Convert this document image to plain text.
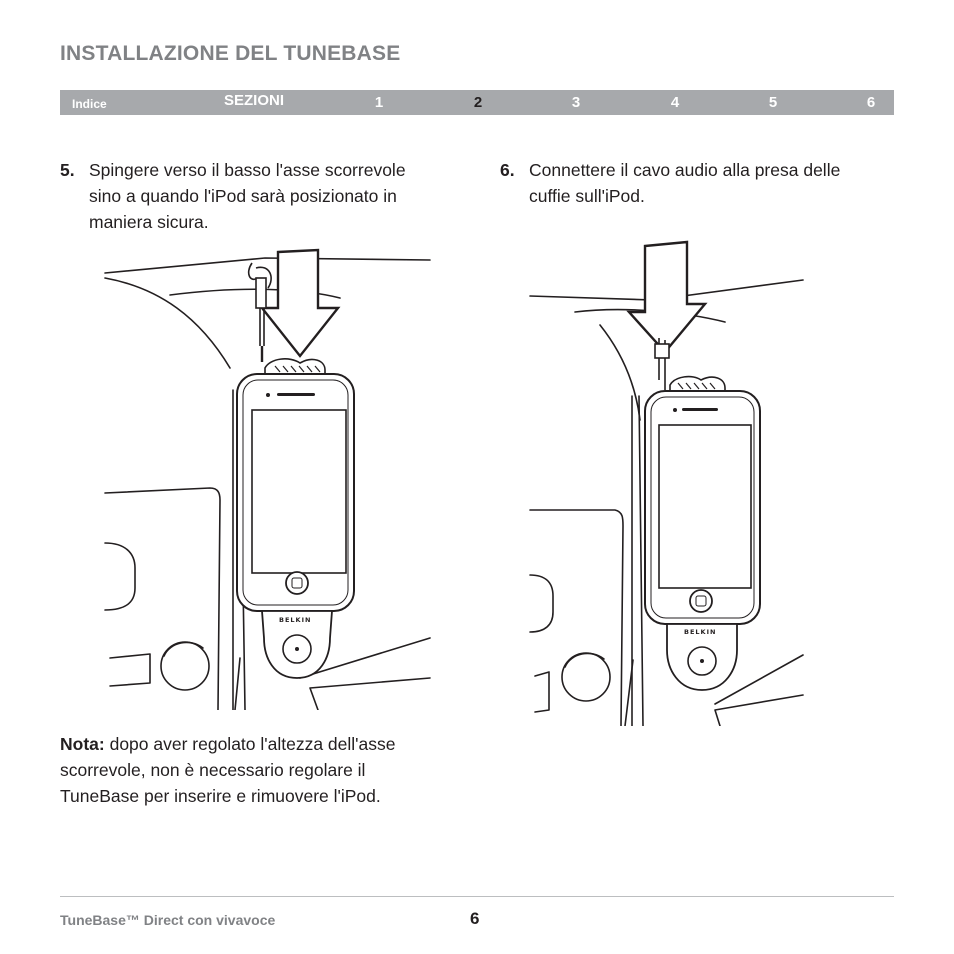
INSTALLAZIONE DEL TUNEBASE
Indice	SEZIONI	1	2	3	4	5	6
5. Spingere verso il basso l'asse scorrevole
sino a quando l'iPod sarà posizionato in
maniera sicura.
6. Connettere il cavo audio alla presa delle
cuffie sull'iPod.
BELKIN
BELKIN
Nota: dopo aver regolato l'altezza dell'asse
scorrevole, non è necessario regolare il
TuneBase per inserire e rimuovere l'iPod.
TuneBase™ Direct con vivavoce	6
